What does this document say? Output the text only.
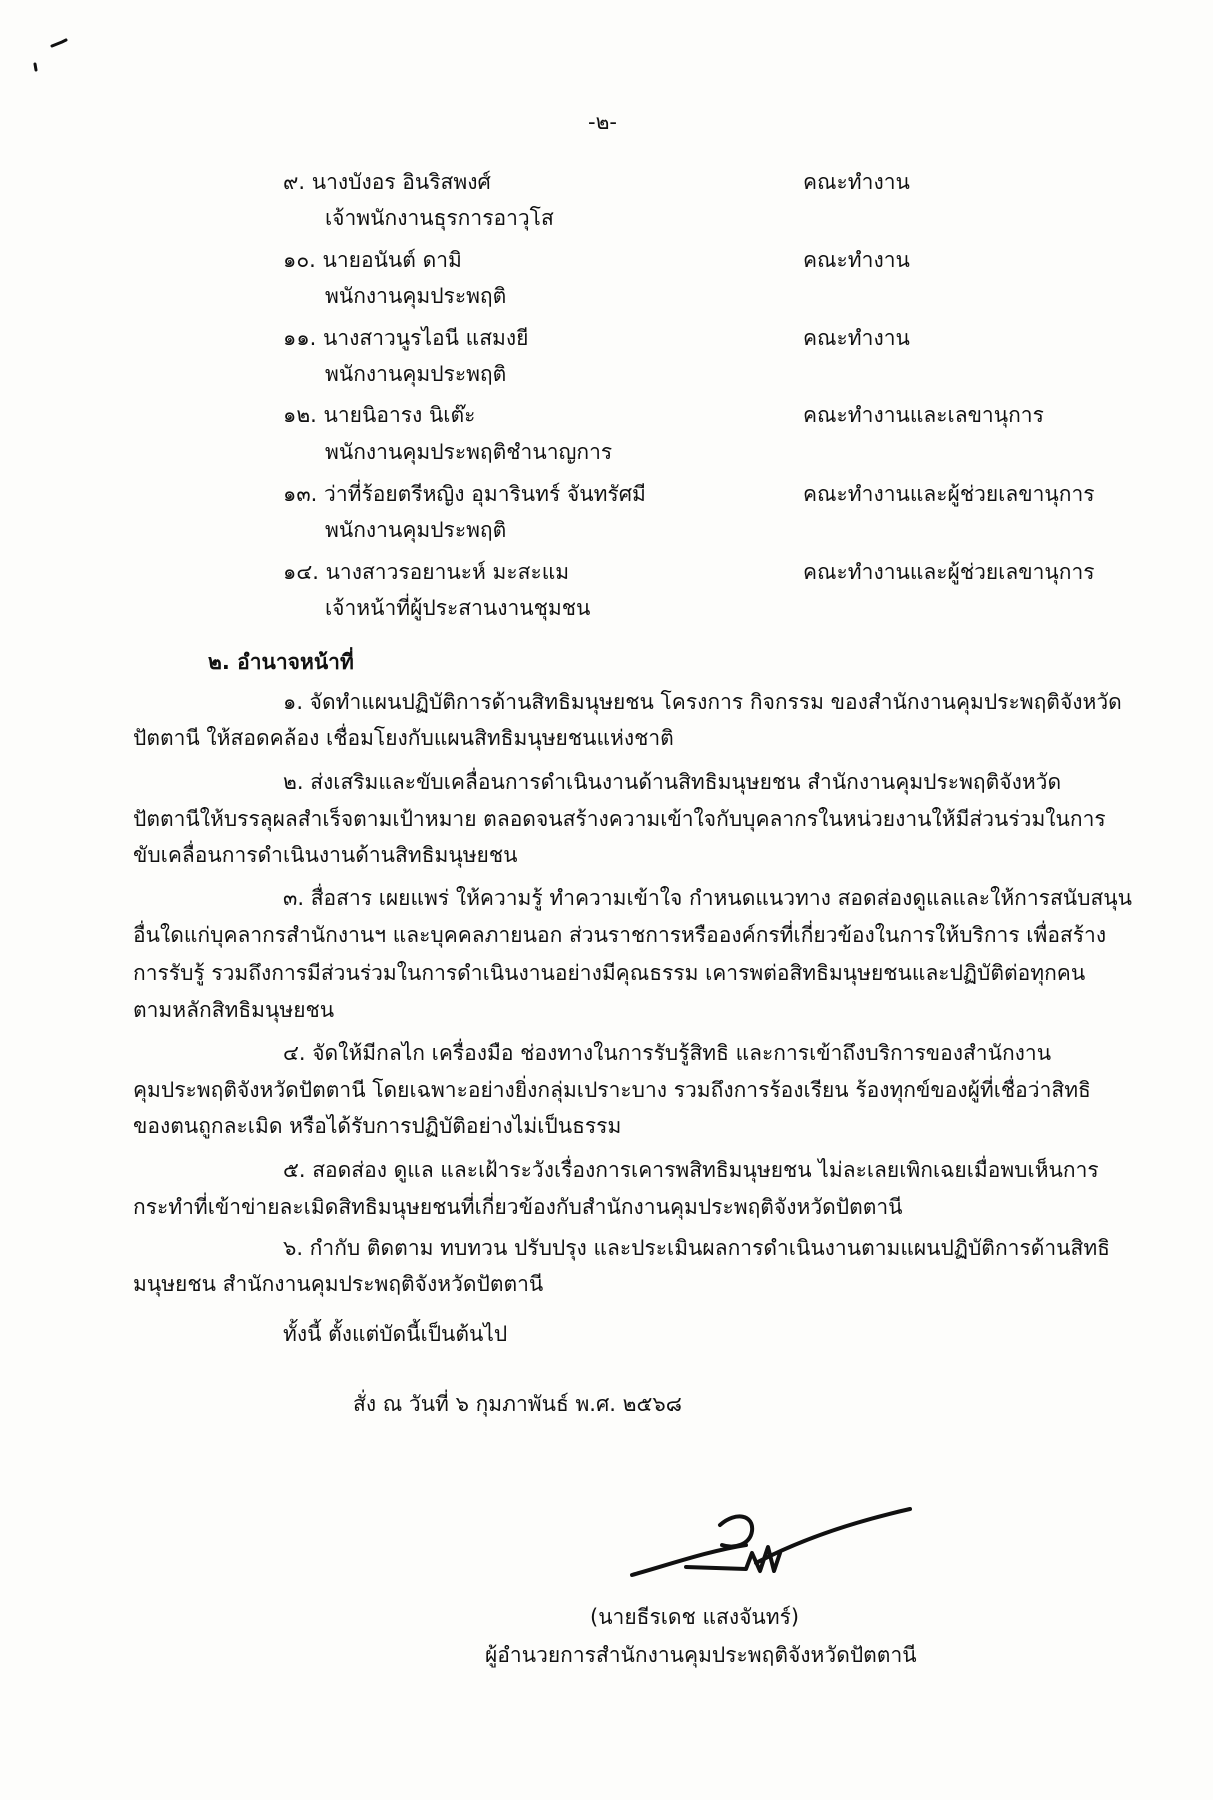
-๒-
๙. นางบังอร อินริสพงศ์	คณะทำงาน
เจ้าพนักงานธุรการอาวุโส
๑๐. นายอนันต์ ดามิ	คณะทำงาน
พนักงานคุมประพฤติ
๑๑. นางสาวนูรไอนี แสมงยี	คณะทำงาน
พนักงานคุมประพฤติ
๑๒. นายนิอารง นิเต๊ะ	คณะทำงานและเลขานุการ
พนักงานคุมประพฤติชำนาญการ
๑๓. ว่าที่ร้อยตรีหญิง อุมารินทร์ จันทรัศมี	คณะทำงานและผู้ช่วยเลขานุการ
พนักงานคุมประพฤติ
๑๔. นางสาวรอยานะห์ มะสะแม	คณะทำงานและผู้ช่วยเลขานุการ
เจ้าหน้าที่ผู้ประสานงานชุมชน
๒. อำนาจหน้าที่
๑. จัดทำแผนปฏิบัติการด้านสิทธิมนุษยชน โครงการ กิจกรรม ของสำนักงานคุมประพฤติจังหวัด
ปัตตานี ให้สอดคล้อง เชื่อมโยงกับแผนสิทธิมนุษยชนแห่งชาติ
๒. ส่งเสริมและขับเคลื่อนการดำเนินงานด้านสิทธิมนุษยชน สำนักงานคุมประพฤติจังหวัด
ปัตตานีให้บรรลุผลสำเร็จตามเป้าหมาย ตลอดจนสร้างความเข้าใจกับบุคลากรในหน่วยงานให้มีส่วนร่วมในการ
ขับเคลื่อนการดำเนินงานด้านสิทธิมนุษยชน
๓. สื่อสาร เผยแพร่ ให้ความรู้ ทำความเข้าใจ กำหนดแนวทาง สอดส่องดูแลและให้การสนับสนุน
อื่นใดแก่บุคลากรสำนักงานฯ และบุคคลภายนอก ส่วนราชการหรือองค์กรที่เกี่ยวข้องในการให้บริการ เพื่อสร้าง
การรับรู้ รวมถึงการมีส่วนร่วมในการดำเนินงานอย่างมีคุณธรรม เคารพต่อสิทธิมนุษยชนและปฏิบัติต่อทุกคน
ตามหลักสิทธิมนุษยชน
๔. จัดให้มีกลไก เครื่องมือ ช่องทางในการรับรู้สิทธิ และการเข้าถึงบริการของสำนักงาน
คุมประพฤติจังหวัดปัตตานี โดยเฉพาะอย่างยิ่งกลุ่มเปราะบาง รวมถึงการร้องเรียน ร้องทุกข์ของผู้ที่เชื่อว่าสิทธิ
ของตนถูกละเมิด หรือได้รับการปฏิบัติอย่างไม่เป็นธรรม
๕. สอดส่อง ดูแล และเฝ้าระวังเรื่องการเคารพสิทธิมนุษยชน ไม่ละเลยเพิกเฉยเมื่อพบเห็นการ
กระทำที่เข้าข่ายละเมิดสิทธิมนุษยชนที่เกี่ยวข้องกับสำนักงานคุมประพฤติจังหวัดปัตตานี
๖. กำกับ ติดตาม ทบทวน ปรับปรุง และประเมินผลการดำเนินงานตามแผนปฏิบัติการด้านสิทธิ
มนุษยชน สำนักงานคุมประพฤติจังหวัดปัตตานี
ทั้งนี้ ตั้งแต่บัดนี้เป็นต้นไป
สั่ง ณ วันที่ ๖ กุมภาพันธ์ พ.ศ. ๒๕๖๘
(นายธีรเดช แสงจันทร์)
ผู้อำนวยการสำนักงานคุมประพฤติจังหวัดปัตตานี
